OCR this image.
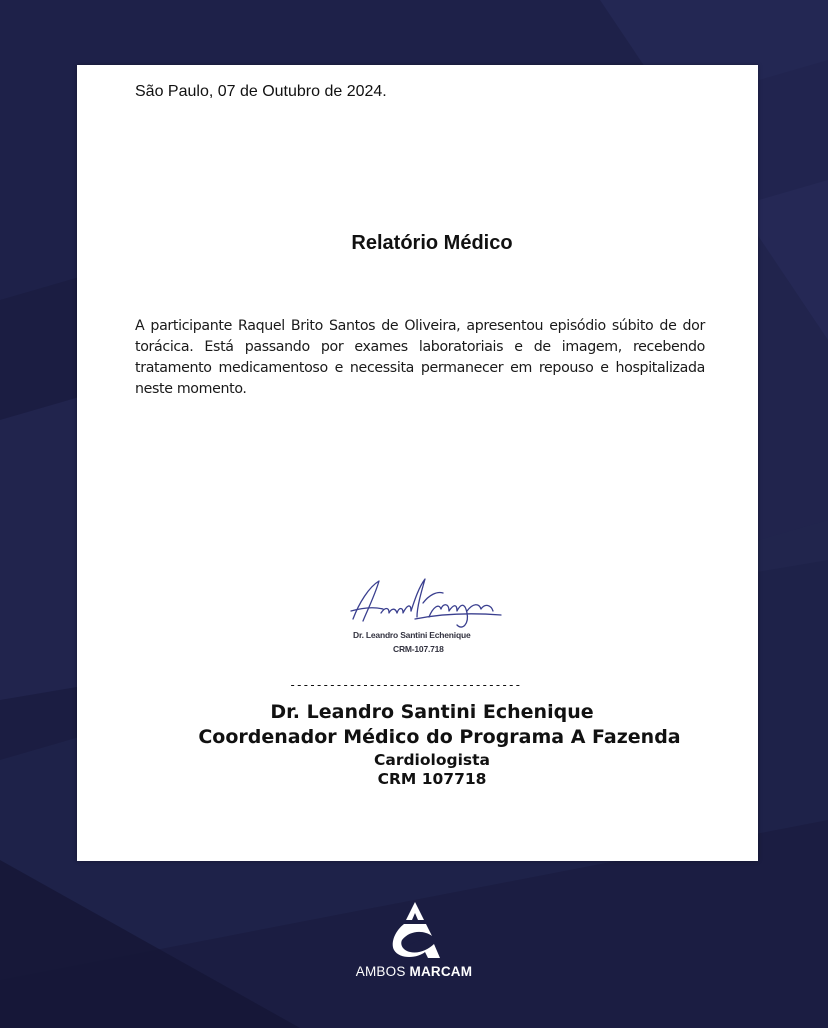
São Paulo, 07 de Outubro de 2024.
Relatório Médico
A participante Raquel Brito Santos de Oliveira, apresentou episódio súbito de dor torácica. Está passando por exames laboratoriais e de imagem, recebendo tratamento medicamentoso e necessita permanecer em repouso e hospitalizada neste momento.
Dr. Leandro Santini Echenique
CRM-107.718
-----------------------------------
Dr. Leandro Santini Echenique
Coordenador Médico do Programa A Fazenda
Cardiologista
CRM 107718
AMBOS MARCAM
